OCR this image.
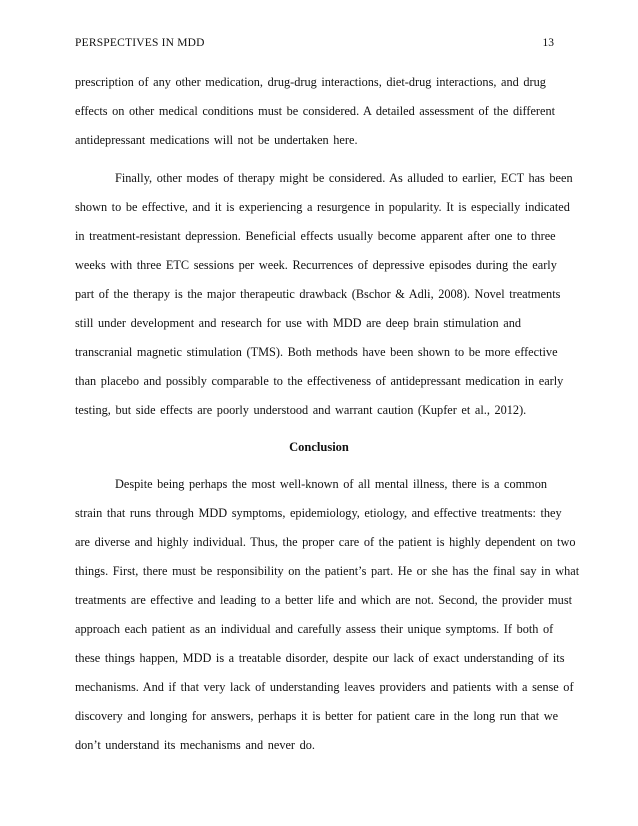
PERSPECTIVES IN MDD	13
prescription of any other medication, drug-drug interactions, diet-drug interactions, and drug
effects on other medical conditions must be considered. A detailed assessment of the different
antidepressant medications will not be undertaken here.
Finally, other modes of therapy might be considered. As alluded to earlier, ECT has been
shown to be effective, and it is experiencing a resurgence in popularity. It is especially indicated
in treatment-resistant depression. Beneficial effects usually become apparent after one to three
weeks with three ETC sessions per week. Recurrences of depressive episodes during the early
part of the therapy is the major therapeutic drawback (Bschor & Adli, 2008). Novel treatments
still under development and research for use with MDD are deep brain stimulation and
transcranial magnetic stimulation (TMS). Both methods have been shown to be more effective
than placebo and possibly comparable to the effectiveness of antidepressant medication in early
testing, but side effects are poorly understood and warrant caution (Kupfer et al., 2012).
Conclusion
Despite being perhaps the most well-known of all mental illness, there is a common
strain that runs through MDD symptoms, epidemiology, etiology, and effective treatments: they
are diverse and highly individual. Thus, the proper care of the patient is highly dependent on two
things. First, there must be responsibility on the patient’s part. He or she has the final say in what
treatments are effective and leading to a better life and which are not. Second, the provider must
approach each patient as an individual and carefully assess their unique symptoms. If both of
these things happen, MDD is a treatable disorder, despite our lack of exact understanding of its
mechanisms. And if that very lack of understanding leaves providers and patients with a sense of
discovery and longing for answers, perhaps it is better for patient care in the long run that we
don’t understand its mechanisms and never do.
